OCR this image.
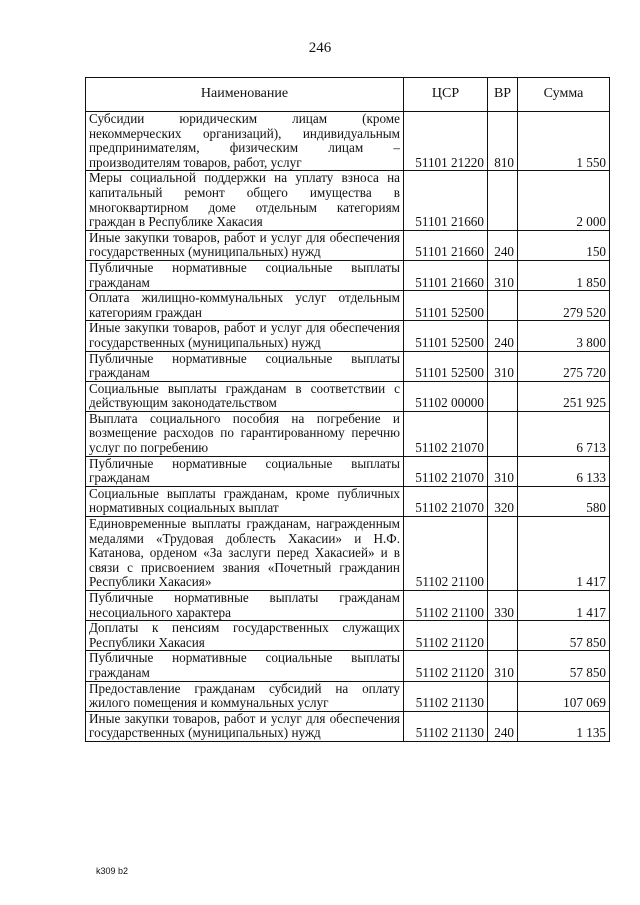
246
Наименование	ЦСР	ВР	Сумма
Субсидии юридическим лицам (кроме некоммерческих организаций), индивидуальным предпринимателям, физическим лицам – производителям товаров, работ, услуг	51101 21220	810	1 550
Меры социальной поддержки на уплату взноса на капитальный ремонт общего имущества в многоквартирном доме отдельным категориям граждан в Республике Хакасия	51101 21660		2 000
Иные закупки товаров, работ и услуг для обеспечения государственных (муниципальных) нужд	51101 21660	240	150
Публичные нормативные социальные выплаты гражданам	51101 21660	310	1 850
Оплата жилищно-коммунальных услуг отдельным категориям граждан	51101 52500		279 520
Иные закупки товаров, работ и услуг для обеспечения государственных (муниципальных) нужд	51101 52500	240	3 800
Публичные нормативные социальные выплаты гражданам	51101 52500	310	275 720
Социальные выплаты гражданам в соответствии с действующим законодательством	51102 00000		251 925
Выплата социального пособия на погребение и возмещение расходов по гарантированному перечню услуг по погребению	51102 21070		6 713
Публичные нормативные социальные выплаты гражданам	51102 21070	310	6 133
Социальные выплаты гражданам, кроме публичных нормативных социальных выплат	51102 21070	320	580
Единовременные выплаты гражданам, награжденным медалями «Трудовая доблесть Хакасии» и Н.Ф. Катанова, орденом «За заслуги перед Хакасией» и в связи с присвоением звания «Почетный гражданин Республики Хакасия»	51102 21100		1 417
Публичные нормативные выплаты гражданам несоциального характера	51102 21100	330	1 417
Доплаты к пенсиям государственных служащих Республики Хакасия	51102 21120		57 850
Публичные нормативные социальные выплаты гражданам	51102 21120	310	57 850
Предоставление гражданам субсидий на оплату жилого помещения и коммунальных услуг	51102 21130		107 069
Иные закупки товаров, работ и услуг для обеспечения государственных (муниципальных) нужд	51102 21130	240	1 135
k309 b2
